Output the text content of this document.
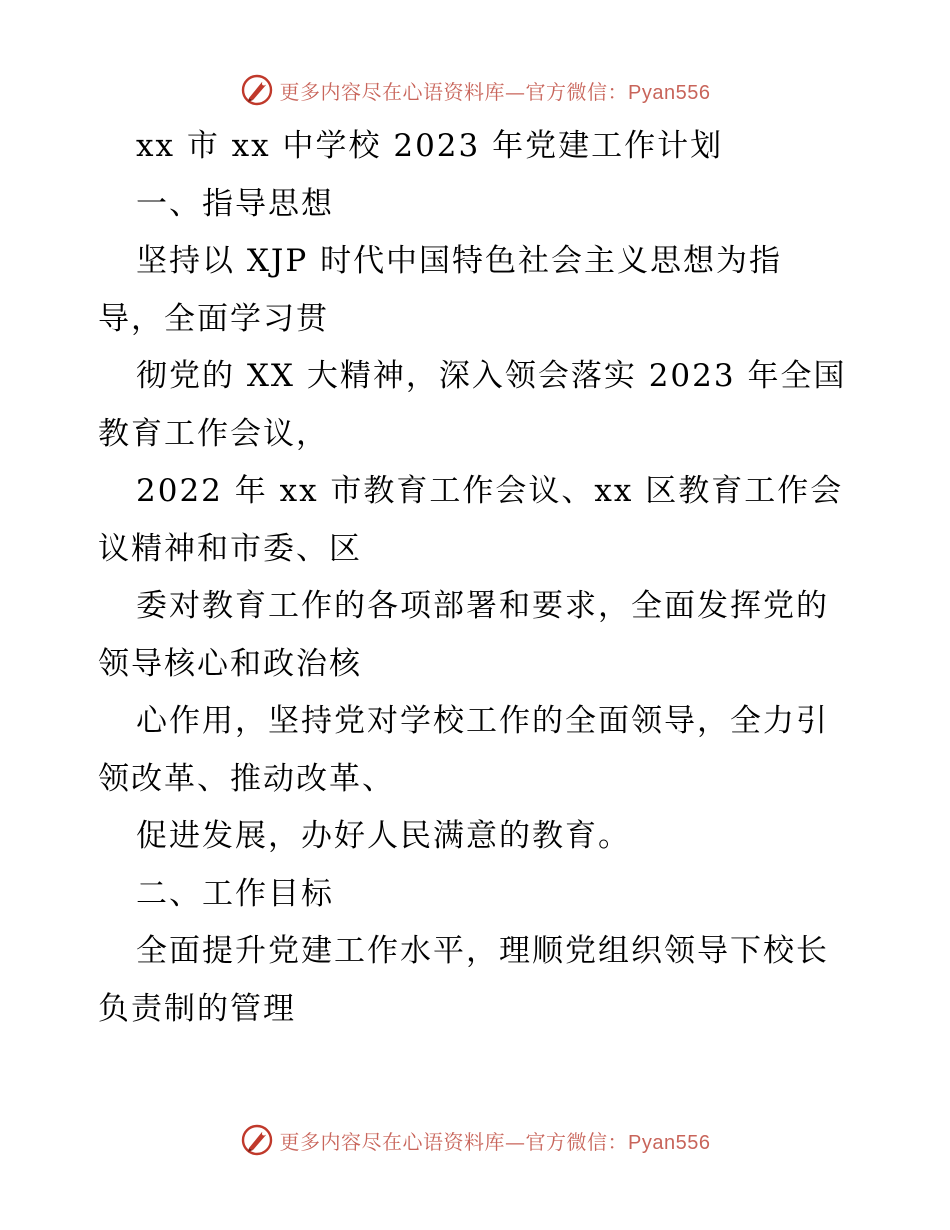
更多内容尽在心语资料库—官方微信：Pyan556
xx 市 xx 中学校 2023 年党建工作计划
一、指导思想
坚持以 XJP 时代中国特色社会主义思想为指
导，全面学习贯
彻党的 XX 大精神，深入领会落实 2023 年全国
教育工作会议，
2022 年 xx 市教育工作会议、xx 区教育工作会
议精神和市委、区
委对教育工作的各项部署和要求，全面发挥党的
领导核心和政治核
心作用，坚持党对学校工作的全面领导，全力引
领改革、推动改革、
促进发展，办好人民满意的教育。
二、工作目标
全面提升党建工作水平，理顺党组织领导下校长
负责制的管理
更多内容尽在心语资料库—官方微信：Pyan556
